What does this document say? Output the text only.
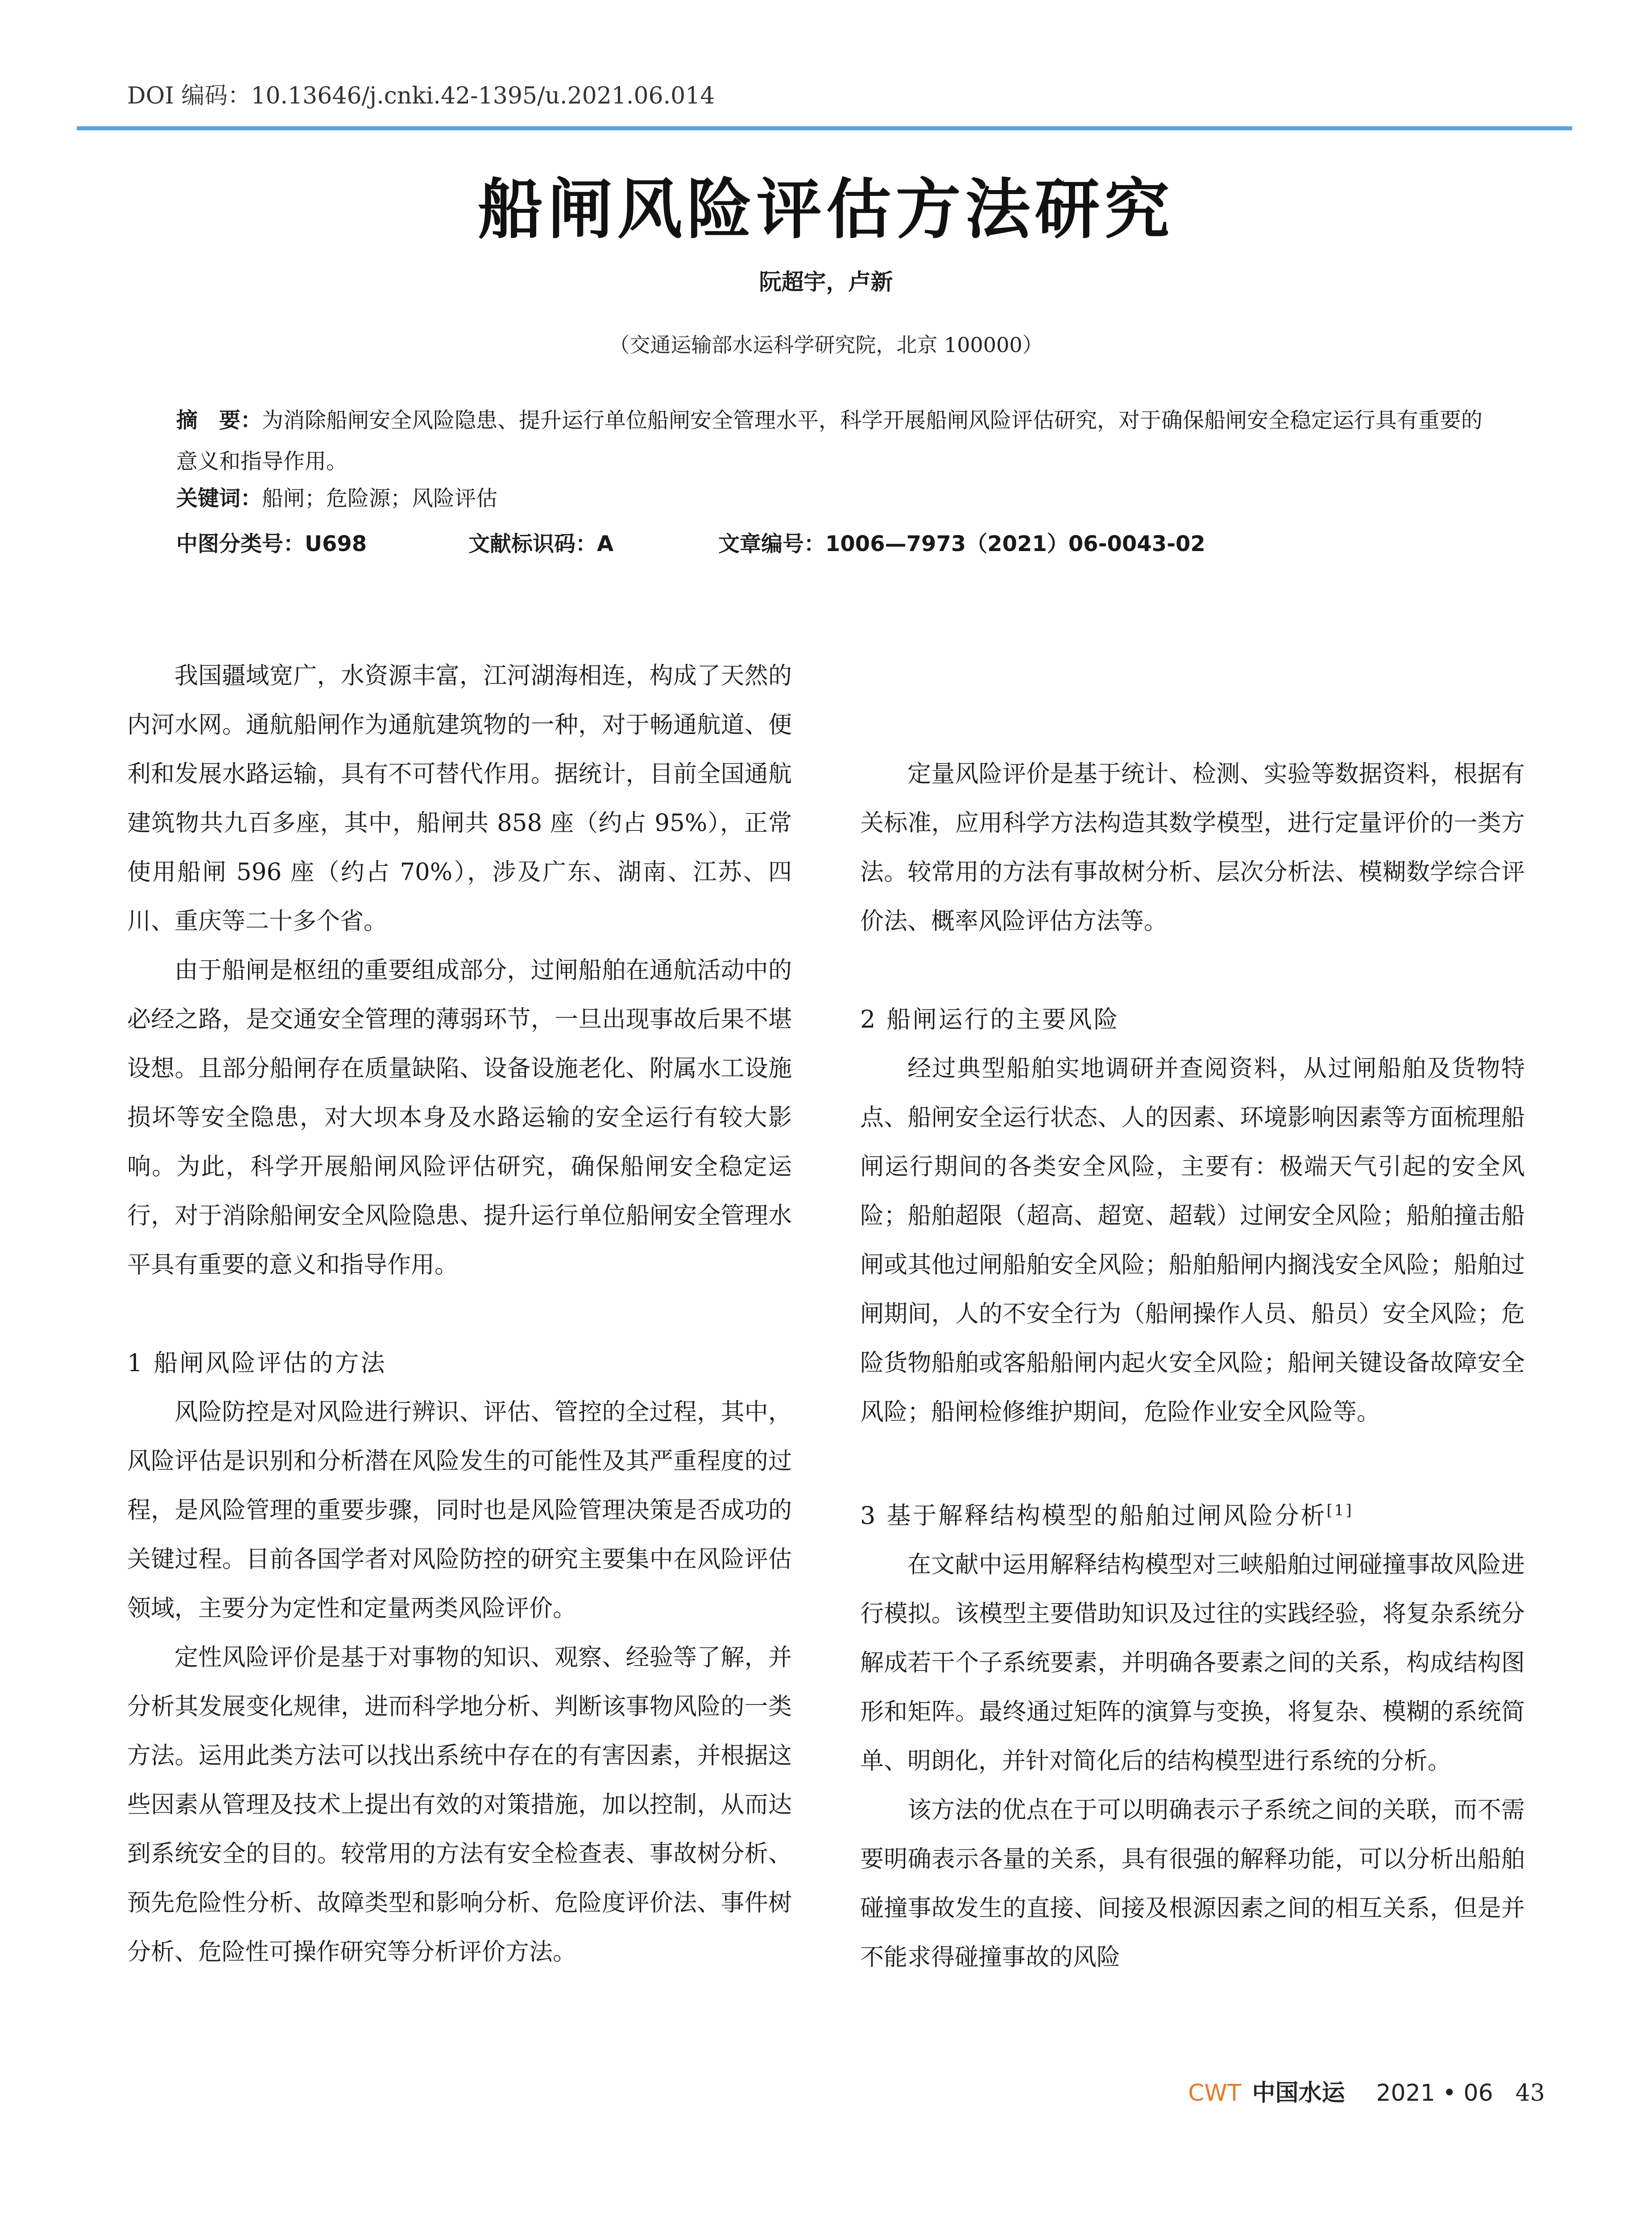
DOI 编码：10.13646/j.cnki.42-1395/u.2021.06.014
船闸风险评估方法研究
阮超宇，卢新
（交通运输部水运科学研究院，北京 100000）
摘　要：为消除船闸安全风险隐患、提升运行单位船闸安全管理水平，科学开展船闸风险评估研究，对于确保船闸安全稳定运行具有重要的意义和指导作用。
关键词：船闸；危险源；风险评估
中图分类号：U698	文献标识码：A	文章编号：1006—7973（2021）06-0043-02

我国疆域宽广，水资源丰富，江河湖海相连，构成了天然的内河水网。通航船闸作为通航建筑物的一种，对于畅通航道、便利和发展水路运输，具有不可替代作用。据统计，目前全国通航建筑物共九百多座，其中，船闸共 858 座（约占 95%），正常使用船闸 596 座（约占 70%），涉及广东、湖南、江苏、四川、重庆等二十多个省。

由于船闸是枢纽的重要组成部分，过闸船舶在通航活动中的必经之路，是交通安全管理的薄弱环节，一旦出现事故后果不堪设想。且部分船闸存在质量缺陷、设备设施老化、附属水工设施损坏等安全隐患，对大坝本身及水路运输的安全运行有较大影响。为此，科学开展船闸风险评估研究，确保船闸安全稳定运行，对于消除船闸安全风险隐患、提升运行单位船闸安全管理水平具有重要的意义和指导作用。

1 船闸风险评估的方法

风险防控是对风险进行辨识、评估、管控的全过程，其中，风险评估是识别和分析潜在风险发生的可能性及其严重程度的过程，是风险管理的重要步骤，同时也是风险管理决策是否成功的关键过程。目前各国学者对风险防控的研究主要集中在风险评估领域，主要分为定性和定量两类风险评价。

定性风险评价是基于对事物的知识、观察、经验等了解，并分析其发展变化规律，进而科学地分析、判断该事物风险的一类方法。运用此类方法可以找出系统中存在的有害因素，并根据这些因素从管理及技术上提出有效的对策措施，加以控制，从而达到系统安全的目的。较常用的方法有安全检查表、事故树分析、预先危险性分析、故障类型和影响分析、危险度评价法、事件树分析、危险性可操作研究等分析评价方法。

定量风险评价是基于统计、检测、实验等数据资料，根据有关标准，应用科学方法构造其数学模型，进行定量评价的一类方法。较常用的方法有事故树分析、层次分析法、模糊数学综合评价法、概率风险评估方法等。

2 船闸运行的主要风险

经过典型船舶实地调研并查阅资料，从过闸船舶及货物特点、船闸安全运行状态、人的因素、环境影响因素等方面梳理船闸运行期间的各类安全风险，主要有：极端天气引起的安全风险；船舶超限（超高、超宽、超载）过闸安全风险；船舶撞击船闸或其他过闸船舶安全风险；船舶船闸内搁浅安全风险；船舶过闸期间，人的不安全行为（船闸操作人员、船员）安全风险；危险货物船舶或客船船闸内起火安全风险；船闸关键设备故障安全风险；船闸检修维护期间，危险作业安全风险等。

3 基于解释结构模型的船舶过闸风险分析[1]

在文献中运用解释结构模型对三峡船舶过闸碰撞事故风险进行模拟。该模型主要借助知识及过往的实践经验，将复杂系统分解成若干个子系统要素，并明确各要素之间的关系，构成结构图形和矩阵。最终通过矩阵的演算与变换，将复杂、模糊的系统简单、明朗化，并针对简化后的结构模型进行系统的分析。

该方法的优点在于可以明确表示子系统之间的关联，而不需要明确表示各量的关系，具有很强的解释功能，可以分析出船舶碰撞事故发生的直接、间接及根源因素之间的相互关系，但是并不能求得碰撞事故的风险

CWT 中国水运 2021 • 06 43
